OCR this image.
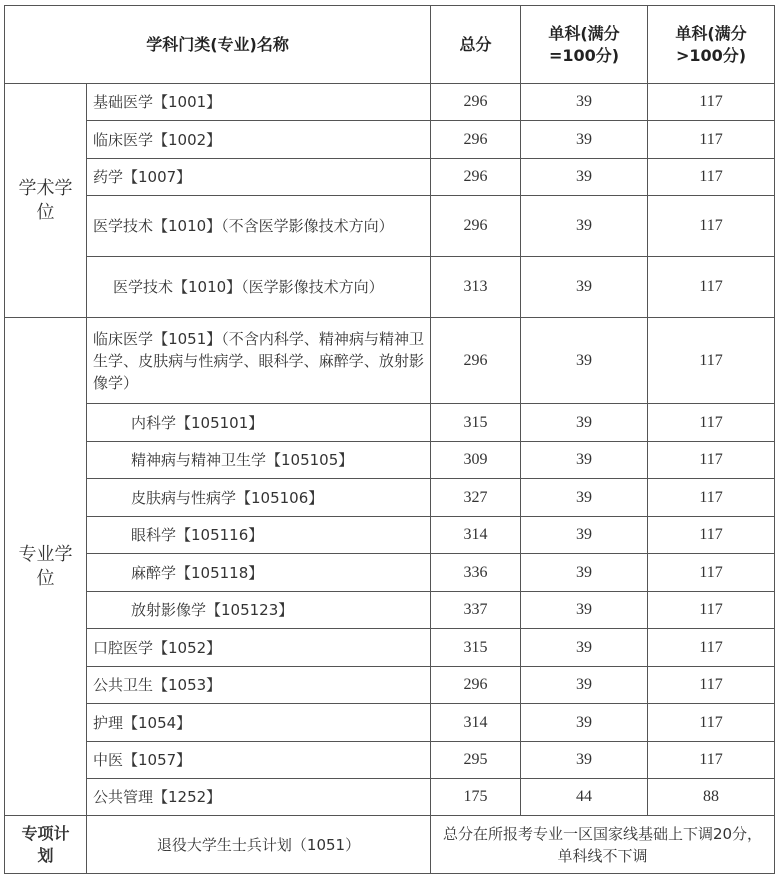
学科门类(专业)名称		总分	单科(满分=100分)	单科(满分>100分)
学术学位	基础医学【1001】	296	39	117
	临床医学【1002】	296	39	117
	药学【1007】	296	39	117
	医学技术【1010】（不含医学影像技术方向）	296	39	117
	医学技术【1010】（医学影像技术方向）	313	39	117
专业学位	临床医学【1051】（不含内科学、精神病与精神卫生学、皮肤病与性病学、眼科学、麻醉学、放射影像学）	296	39	117
	内科学【105101】	315	39	117
	精神病与精神卫生学【105105】	309	39	117
	皮肤病与性病学【105106】	327	39	117
	眼科学【105116】	314	39	117
	麻醉学【105118】	336	39	117
	放射影像学【105123】	337	39	117
	口腔医学【1052】	315	39	117
	公共卫生【1053】	296	39	117
	护理【1054】	314	39	117
	中医【1057】	295	39	117
	公共管理【1252】	175	44	88
专项计划	退役大学生士兵计划（1051）	总分在所报考专业一区国家线基础上下调20分，单科线不下调		
